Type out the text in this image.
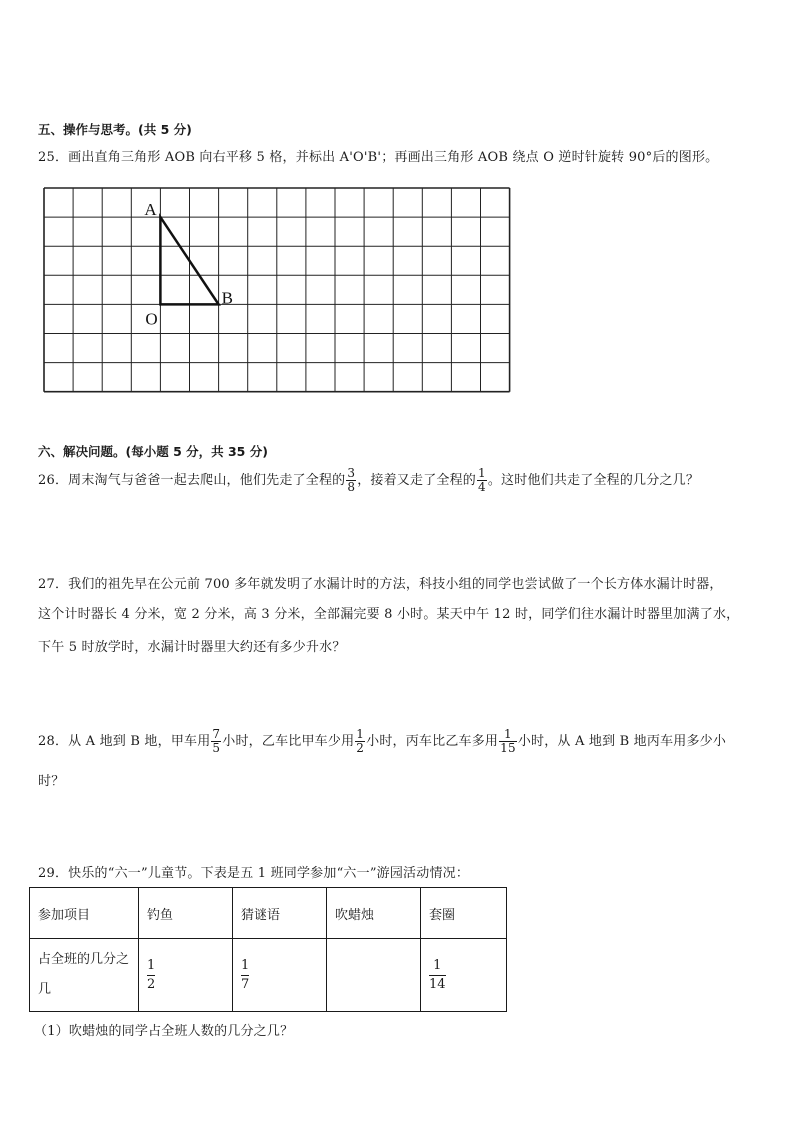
五、操作与思考。(共 5 分)
25．画出直角三角形 AOB 向右平移 5 格，并标出 A'O'B'；再画出三角形 AOB 绕点 O 逆时针旋转 90°后的图形。
A
O
B
六、解决问题。(每小题 5 分，共 35 分)
26．周末淘气与爸爸一起去爬山，他们先走了全程的 $\frac{3}{8}$ ，接着又走了全程的 $\frac{1}{4}$ 。这时他们共走了全程的几分之几？
27．我们的祖先早在公元前 700 多年就发明了水漏计时的方法，科技小组的同学也尝试做了一个长方体水漏计时器，
这个计时器长 4 分米，宽 2 分米，高 3 分米，全部漏完要 8 小时。某天中午 12 时，同学们往水漏计时器里加满了水，
下午 5 时放学时，水漏计时器里大约还有多少升水？
28．从 A 地到 B 地，甲车用 $\frac{7}{5}$ 小时，乙车比甲车少用 $\frac{1}{2}$ 小时，丙车比乙车多用 $\frac{1}{15}$ 小时，从 A 地到 B 地丙车用多少小
时？
29．快乐的“六一”儿童节。下表是五 1 班同学参加“六一”游园活动情况：
参加项目	钓鱼	猜谜语	吹蜡烛	套圈

占全班的几分之几	$\frac{1}{2}$	$\frac{1}{7}$		$\frac{1}{14}$
（1）吹蜡烛的同学占全班人数的几分之几？
